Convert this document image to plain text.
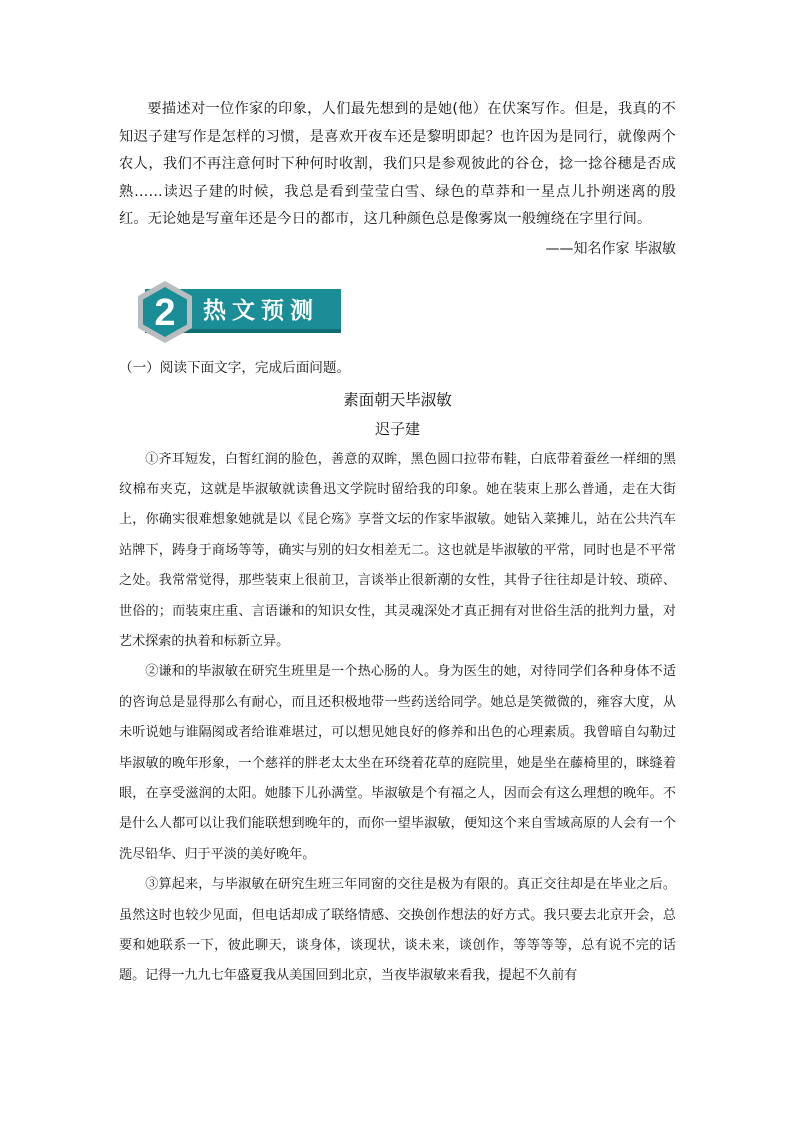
要描述对一位作家的印象，人们最先想到的是她(他）在伏案写作。但是，我真的不知迟子建写作是怎样的习惯，是喜欢开夜车还是黎明即起？也许因为是同行，就像两个农人，我们不再注意何时下种何时收割，我们只是参观彼此的谷仓，捻一捻谷穗是否成熟……读迟子建的时候，我总是看到莹莹白雪、绿色的草莽和一星点儿扑朔迷离的殷红。无论她是写童年还是今日的都市，这几种颜色总是像雾岚一般缠绕在字里行间。

——知名作家 毕淑敏
2 热文预测
（一）阅读下面文字，完成后面问题。
素面朝天毕淑敏
迟子建

①齐耳短发，白皙红润的脸色，善意的双眸，黑色圆口拉带布鞋，白底带着蚕丝一样细的黑纹棉布夹克，这就是毕淑敏就读鲁迅文学院时留给我的印象。她在装束上那么普通，走在大街上，你确实很难想象她就是以《昆仑殇》享誉文坛的作家毕淑敏。她钻入菜摊儿，站在公共汽车站牌下，踌身于商场等等，确实与别的妇女相差无二。这也就是毕淑敏的平常，同时也是不平常之处。我常常觉得，那些装束上很前卫，言谈举止很新潮的女性，其骨子往往却是计较、琐碎、世俗的；而装束庄重、言语谦和的知识女性，其灵魂深处才真正拥有对世俗生活的批判力量，对艺术探索的执着和标新立异。

②谦和的毕淑敏在研究生班里是一个热心肠的人。身为医生的她，对待同学们各种身体不适的咨询总是显得那么有耐心，而且还积极地带一些药送给同学。她总是笑微微的，雍容大度，从未听说她与谁隔阂或者给谁难堪过，可以想见她良好的修养和出色的心理素质。我曾暗自勾勒过毕淑敏的晚年形象，一个慈祥的胖老太太坐在环绕着花草的庭院里，她是坐在藤椅里的，眯缝着眼，在享受滋润的太阳。她膝下儿孙满堂。毕淑敏是个有福之人，因而会有这么理想的晚年。不是什么人都可以让我们能联想到晚年的，而你一望毕淑敏，便知这个来自雪域高原的人会有一个洗尽铅华、归于平淡的美好晚年。

③算起来，与毕淑敏在研究生班三年同窗的交往是极为有限的。真正交往却是在毕业之后。虽然这时也较少见面，但电话却成了联络情感、交换创作想法的好方式。我只要去北京开会，总要和她联系一下，彼此聊天，谈身体，谈现状，谈未来，谈创作，等等等等，总有说不完的话题。记得一九九七年盛夏我从美国回到北京，当夜毕淑敏来看我，提起不久前有
